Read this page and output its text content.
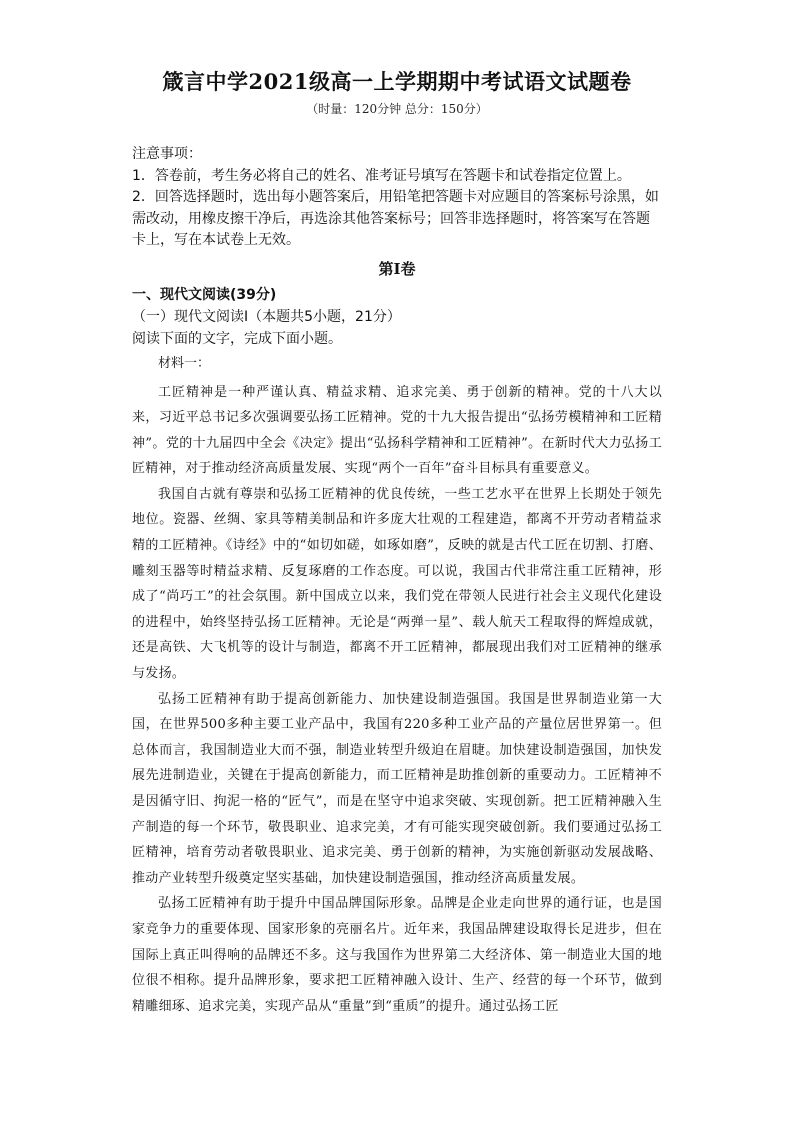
箴言中学2021级高一上学期期中考试语文试题卷

（时量：120分钟 总分：150分）

注意事项：

1．答卷前，考生务必将自己的姓名、准考证号填写在答题卡和试卷指定位置上。

2．回答选择题时，选出每小题答案后，用铅笔把答题卡对应题目的答案标号涂黑，如需改动，用橡皮擦干净后，再选涂其他答案标号；回答非选择题时，将答案写在答题卡上，写在本试卷上无效。

第Ⅰ卷

一、现代文阅读(39分)

（一）现代文阅读Ⅰ（本题共5小题，21分）

阅读下面的文字，完成下面小题。

材料一：

工匠精神是一种严谨认真、精益求精、追求完美、勇于创新的精神。党的十八大以来，习近平总书记多次强调要弘扬工匠精神。党的十九大报告提出“弘扬劳模精神和工匠精神”。党的十九届四中全会《决定》提出“弘扬科学精神和工匠精神”。在新时代大力弘扬工匠精神，对于推动经济高质量发展、实现“两个一百年”奋斗目标具有重要意义。

我国自古就有尊崇和弘扬工匠精神的优良传统，一些工艺水平在世界上长期处于领先地位。瓷器、丝绸、家具等精美制品和许多庞大壮观的工程建造，都离不开劳动者精益求精的工匠精神。《诗经》中的“如切如磋，如琢如磨”，反映的就是古代工匠在切割、打磨、雕刻玉器等时精益求精、反复琢磨的工作态度。可以说，我国古代非常注重工匠精神，形成了“尚巧工”的社会氛围。新中国成立以来，我们党在带领人民进行社会主义现代化建设的进程中，始终坚持弘扬工匠精神。无论是“两弹一星”、载人航天工程取得的辉煌成就，还是高铁、大飞机等的设计与制造，都离不开工匠精神，都展现出我们对工匠精神的继承与发扬。

弘扬工匠精神有助于提高创新能力、加快建设制造强国。我国是世界制造业第一大国，在世界500多种主要工业产品中，我国有220多种工业产品的产量位居世界第一。但总体而言，我国制造业大而不强，制造业转型升级迫在眉睫。加快建设制造强国，加快发展先进制造业，关键在于提高创新能力，而工匠精神是助推创新的重要动力。工匠精神不是因循守旧、拘泥一格的“匠气”，而是在坚守中追求突破、实现创新。把工匠精神融入生产制造的每一个环节，敬畏职业、追求完美，才有可能实现突破创新。我们要通过弘扬工匠精神，培育劳动者敬畏职业、追求完美、勇于创新的精神，为实施创新驱动发展战略、推动产业转型升级奠定坚实基础，加快建设制造强国，推动经济高质量发展。

弘扬工匠精神有助于提升中国品牌国际形象。品牌是企业走向世界的通行证，也是国家竞争力的重要体现、国家形象的亮丽名片。近年来，我国品牌建设取得长足进步，但在国际上真正叫得响的品牌还不多。这与我国作为世界第二大经济体、第一制造业大国的地位很不相称。提升品牌形象，要求把工匠精神融入设计、生产、经营的每一个环节，做到精雕细琢、追求完美，实现产品从“重量”到“重质”的提升。通过弘扬工匠
